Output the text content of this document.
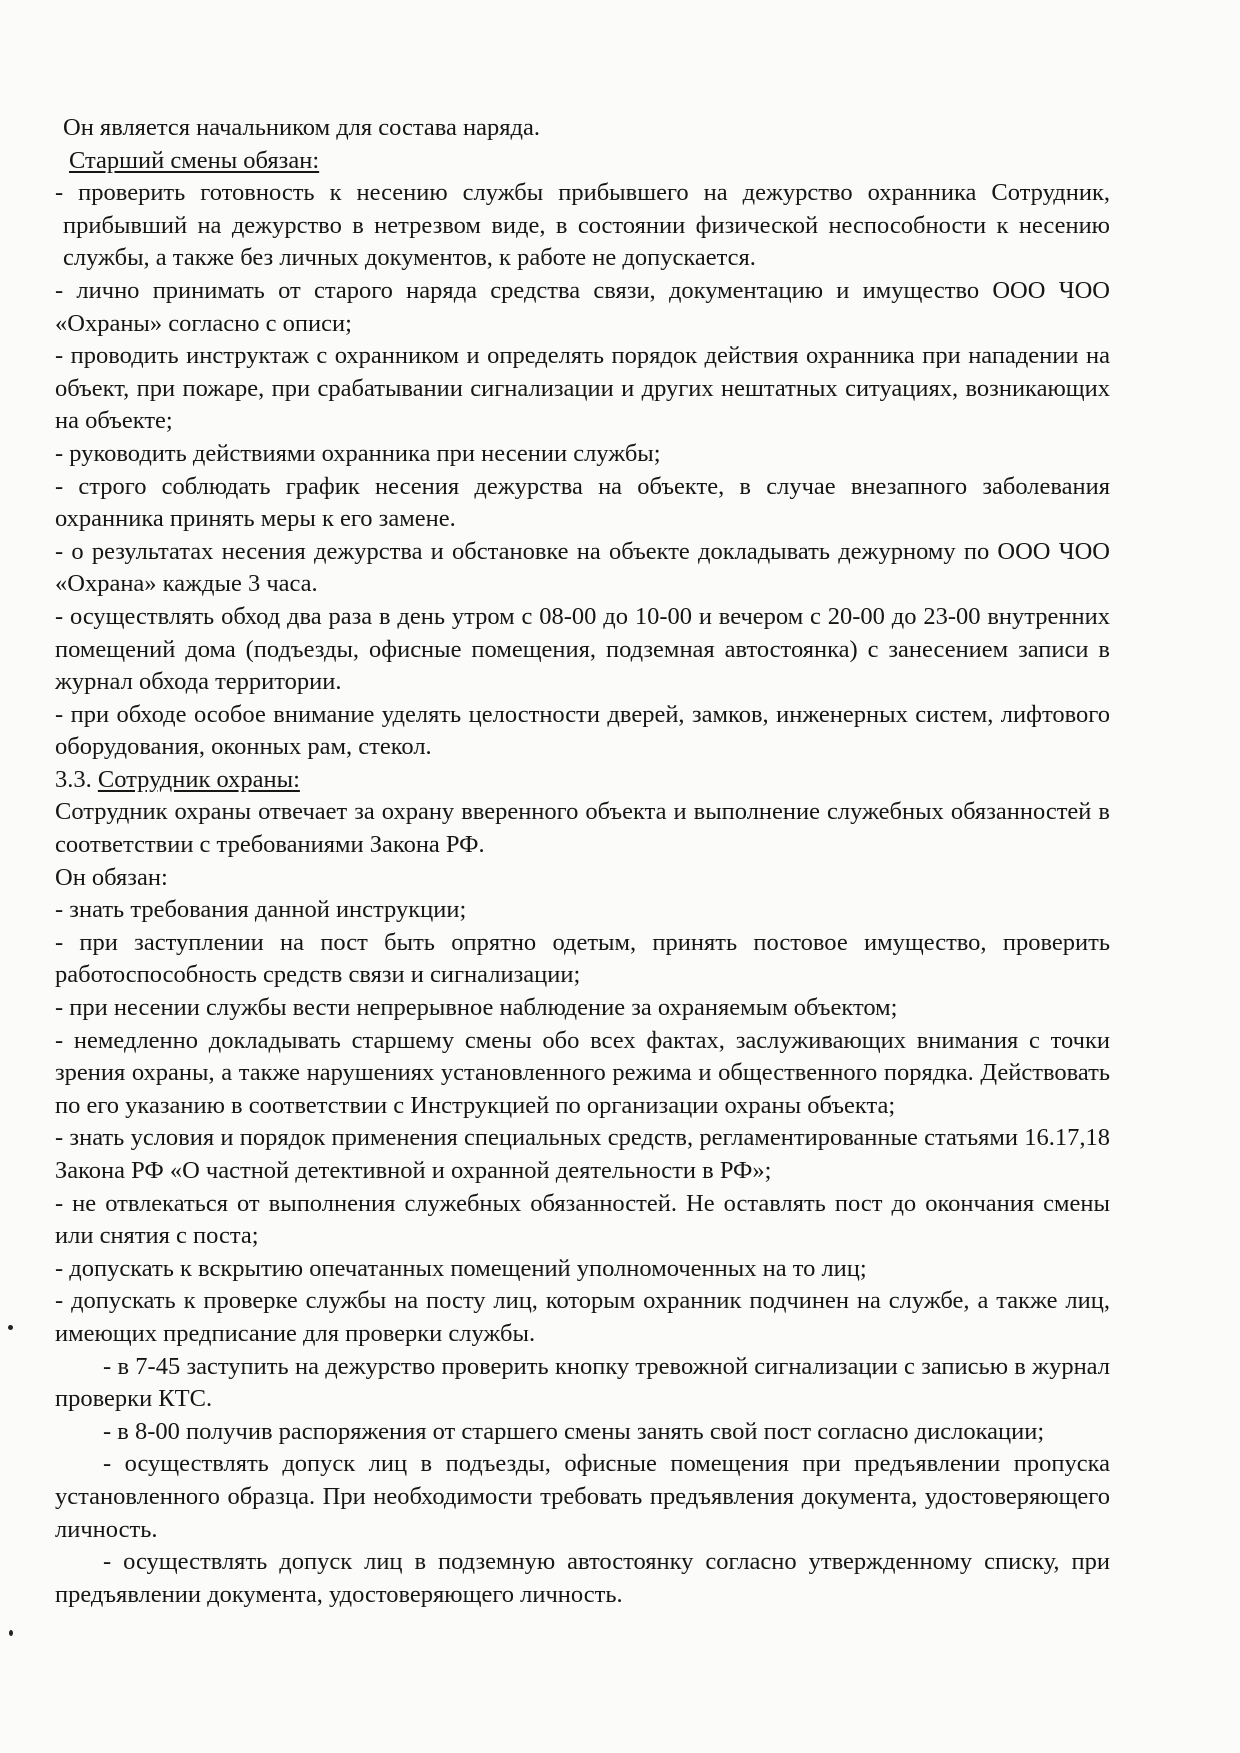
Он является начальником для состава наряда.

Старший смены обязан:

- проверить готовность к несению службы прибывшего на дежурство охранника Сотрудник, прибывший на дежурство в нетрезвом виде, в состоянии физической неспособности к несению службы, а также без личных документов, к работе не допускается.

- лично принимать от старого наряда средства связи, документацию и имущество ООО ЧОО «Охраны» согласно с описи;

- проводить инструктаж с охранником и определять порядок действия охранника при нападении на объект, при пожаре, при срабатывании сигнализации и других нештатных ситуациях, возникающих на объекте;

- руководить действиями охранника при несении службы;

- строго соблюдать график несения дежурства на объекте, в случае внезапного заболевания охранника принять меры к его замене.

- о результатах несения дежурства и обстановке на объекте докладывать дежурному по ООО ЧОО «Охрана» каждые 3 часа.

- осуществлять обход два раза в день утром с 08-00 до 10-00 и вечером с 20-00 до 23-00 внутренних помещений дома (подъезды, офисные помещения, подземная автостоянка) с занесением записи в журнал обхода территории.

- при обходе особое внимание уделять целостности дверей, замков, инженерных систем, лифтового оборудования, оконных рам, стекол.

3.3. Сотрудник охраны:

Сотрудник охраны отвечает за охрану вверенного объекта и выполнение служебных обязанностей в соответствии с требованиями Закона РФ.

Он обязан:

- знать требования данной инструкции;

- при заступлении на пост быть опрятно одетым, принять постовое имущество, проверить работоспособность средств связи и сигнализации;

- при несении службы вести непрерывное наблюдение за охраняемым объектом;

- немедленно докладывать старшему смены обо всех фактах, заслуживающих внимания с точки зрения охраны, а также нарушениях установленного режима и общественного порядка. Действовать по его указанию в соответствии с Инструкцией по организации охраны объекта;

- знать условия и порядок применения специальных средств, регламентированные статьями 16.17,18 Закона РФ «О частной детективной и охранной деятельности в РФ»;

- не отвлекаться от выполнения служебных обязанностей. Не оставлять пост до окончания смены или снятия с поста;

- допускать к вскрытию опечатанных помещений уполномоченных на то лиц;

- допускать к проверке службы на посту лиц, которым охранник подчинен на службе, а также лиц, имеющих предписание для проверки службы.

- в 7-45 заступить на дежурство проверить кнопку тревожной сигнализации с записью в журнал проверки КТС.

- в 8-00 получив распоряжения от старшего смены занять свой пост согласно дислокации;

- осуществлять допуск лиц в подъезды, офисные помещения при предъявлении пропуска установленного образца. При необходимости требовать предъявления документа, удостоверяющего личность.

- осуществлять допуск лиц в подземную автостоянку согласно утвержденному списку, при предъявлении документа, удостоверяющего личность.
